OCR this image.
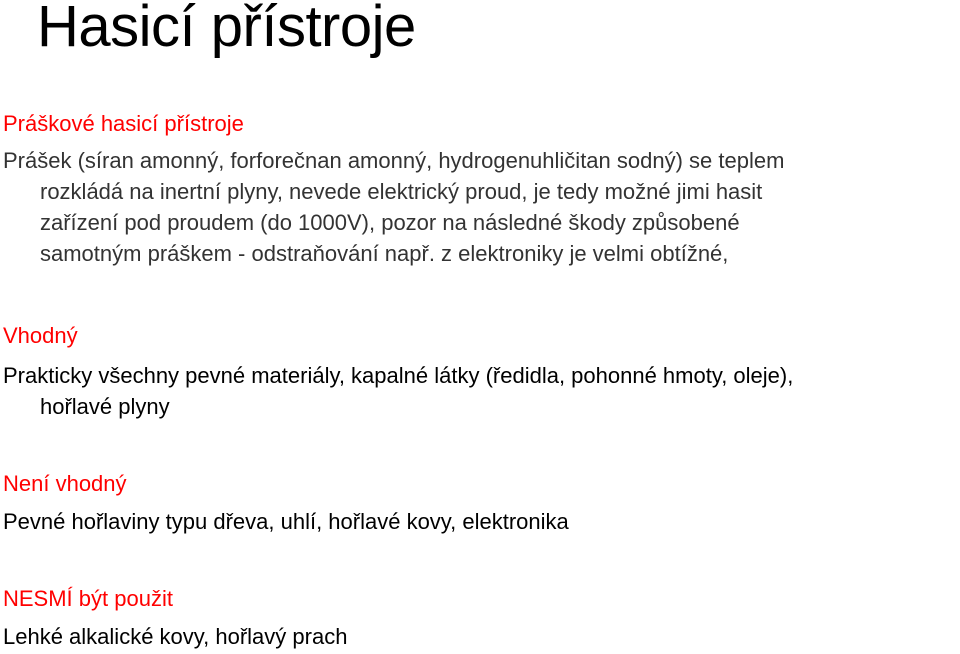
Hasicí přístroje

Práškové hasicí přístroje

Prášek (síran amonný, forforečnan amonný, hydrogenuhličitan sodný) se teplem
rozkládá na inertní plyny, nevede elektrický proud, je tedy možné jimi hasit
zařízení pod proudem (do 1000V), pozor na následné škody způsobené
samotným práškem - odstraňování např. z elektroniky je velmi obtížné,

Vhodný

Prakticky všechny pevné materiály, kapalné látky (ředidla, pohonné hmoty, oleje),
hořlavé plyny

Není vhodný

Pevné hořlaviny typu dřeva, uhlí, hořlavé kovy, elektronika

NESMÍ být použit

Lehké alkalické kovy, hořlavý prach
